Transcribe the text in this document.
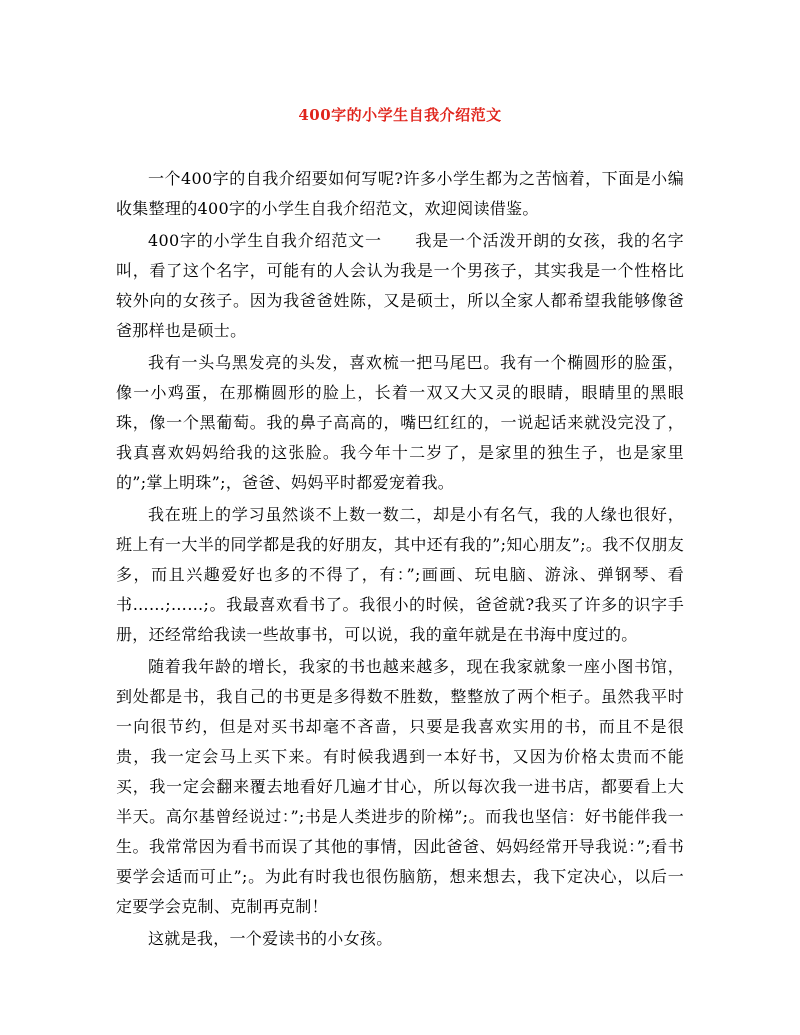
400字的小学生自我介绍范文

一个400字的自我介绍要如何写呢?许多小学生都为之苦恼着，下面是小编收集整理的400字的小学生自我介绍范文，欢迎阅读借鉴。

400字的小学生自我介绍范文一　　我是一个活泼开朗的女孩，我的名字叫，看了这个名字，可能有的人会认为我是一个男孩子，其实我是一个性格比较外向的女孩子。因为我爸爸姓陈，又是硕士，所以全家人都希望我能够像爸爸那样也是硕士。

我有一头乌黑发亮的头发，喜欢梳一把马尾巴。我有一个椭圆形的脸蛋，像一小鸡蛋，在那椭圆形的脸上，长着一双又大又灵的眼睛，眼睛里的黑眼珠，像一个黑葡萄。我的鼻子高高的，嘴巴红红的，一说起话来就没完没了，我真喜欢妈妈给我的这张脸。我今年十二岁了，是家里的独生子，也是家里的”;掌上明珠”;，爸爸、妈妈平时都爱宠着我。

我在班上的学习虽然谈不上数一数二，却是小有名气，我的人缘也很好，班上有一大半的同学都是我的好朋友，其中还有我的”;知心朋友”;。我不仅朋友多，而且兴趣爱好也多的不得了，有：”;画画、玩电脑、游泳、弹钢琴、看书……;……;。我最喜欢看书了。我很小的时候，爸爸就?我买了许多的识字手册，还经常给我读一些故事书，可以说，我的童年就是在书海中度过的。

随着我年龄的增长，我家的书也越来越多，现在我家就象一座小图书馆，到处都是书，我自己的书更是多得数不胜数，整整放了两个柜子。虽然我平时一向很节约，但是对买书却毫不吝啬，只要是我喜欢实用的书，而且不是很贵，我一定会马上买下来。有时候我遇到一本好书，又因为价格太贵而不能买，我一定会翻来覆去地看好几遍才甘心，所以每次我一进书店，都要看上大半天。高尔基曾经说过：”;书是人类进步的阶梯”;。而我也坚信：好书能伴我一生。我常常因为看书而误了其他的事情，因此爸爸、妈妈经常开导我说：”;看书要学会适而可止”;。为此有时我也很伤脑筋，想来想去，我下定决心，以后一定要学会克制、克制再克制！

这就是我，一个爱读书的小女孩。
